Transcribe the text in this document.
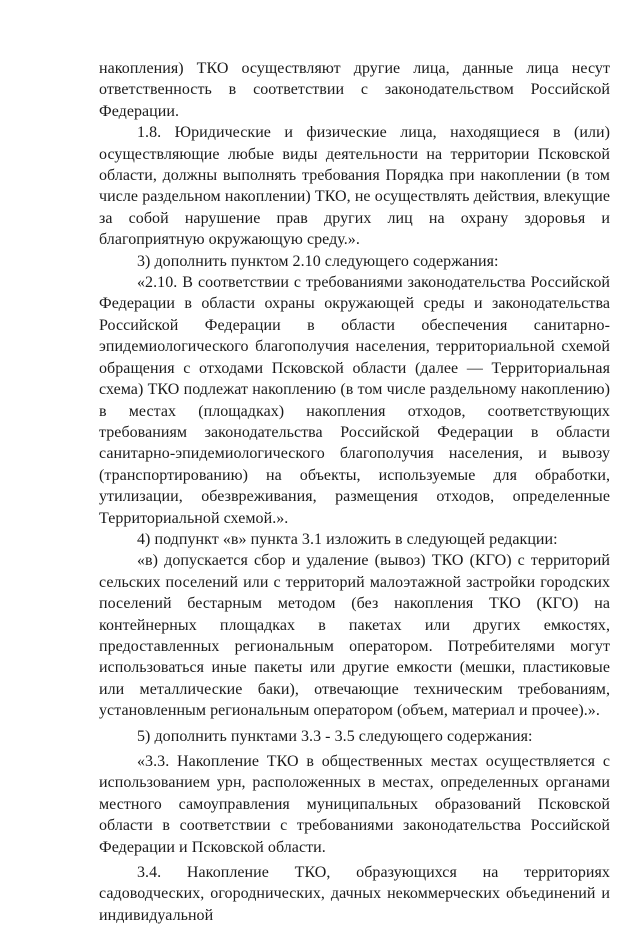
накопления) ТКО осуществляют другие лица, данные лица несут ответственность в соответствии с законодательством Российской Федерации.

1.8. Юридические и физические лица, находящиеся в (или) осуществляющие любые виды деятельности на территории Псковской области, должны выполнять требования Порядка при накоплении (в том числе раздельном накоплении) ТКО, не осуществлять действия, влекущие за собой нарушение прав других лиц на охрану здоровья и благоприятную окружающую среду.».

3) дополнить пунктом 2.10 следующего содержания:

«2.10. В соответствии с требованиями законодательства Российской Федерации в области охраны окружающей среды и законодательства Российской Федерации в области обеспечения санитарно-эпидемиологического благополучия населения, территориальной схемой обращения с отходами Псковской области (далее — Территориальная схема) ТКО подлежат накоплению (в том числе раздельному накоплению) в местах (площадках) накопления отходов, соответствующих требованиям законодательства Российской Федерации в области санитарно-эпидемиологического благополучия населения, и вывозу (транспортированию) на объекты, используемые для обработки, утилизации, обезвреживания, размещения отходов, определенные Территориальной схемой.».

4) подпункт «в» пункта 3.1 изложить в следующей редакции:

«в) допускается сбор и удаление (вывоз) ТКО (КГО) с территорий сельских поселений или с территорий малоэтажной застройки городских поселений бестарным методом (без накопления ТКО (КГО) на контейнерных площадках в пакетах или других емкостях, предоставленных региональным оператором. Потребителями могут использоваться иные пакеты или другие емкости (мешки, пластиковые или металлические баки), отвечающие техническим требованиям, установленным региональным оператором (объем, материал и прочее).».

5) дополнить пунктами 3.3 - 3.5 следующего содержания:

«3.3. Накопление ТКО в общественных местах осуществляется с использованием урн, расположенных в местах, определенных органами местного самоуправления муниципальных образований Псковской области в соответствии с требованиями законодательства Российской Федерации и Псковской области.

3.4. Накопление ТКО, образующихся на территориях садоводческих, огороднических, дачных некоммерческих объединений и индивидуальной
